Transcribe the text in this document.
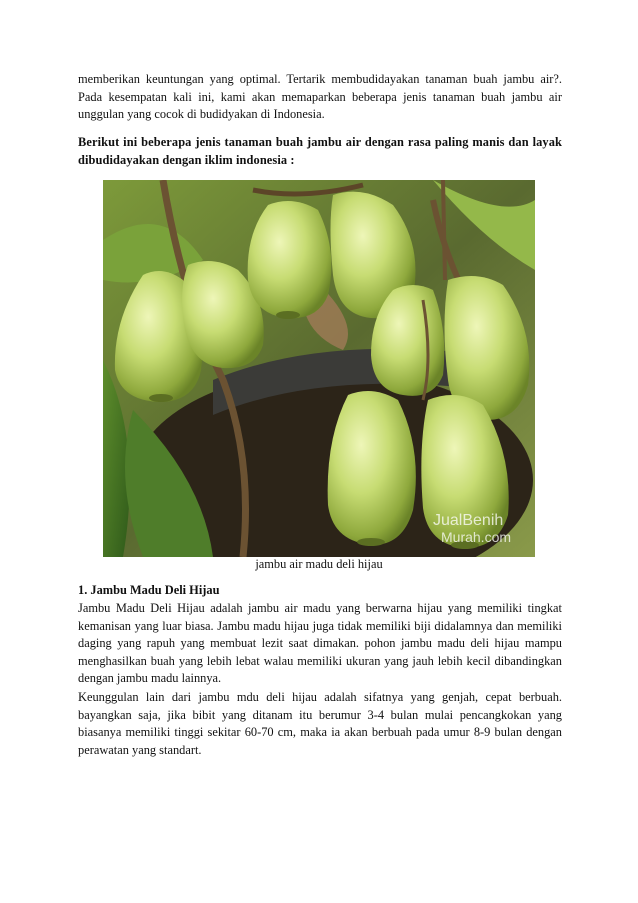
memberikan keuntungan yang optimal. Tertarik membudidayakan tanaman buah jambu air?. Pada kesempatan kali ini, kami akan memaparkan beberapa jenis tanaman buah jambu air unggulan yang cocok di budidyakan di Indonesia.

Berikut ini beberapa jenis tanaman buah jambu air dengan rasa paling manis dan layak dibudidayakan dengan iklim indonesia :

JualBenih
Murah.com
jambu air madu deli hijau
1. Jambu Madu Deli Hijau

Jambu Madu Deli Hijau adalah jambu air madu yang berwarna hijau yang memiliki tingkat kemanisan yang luar biasa. Jambu madu hijau juga tidak memiliki biji didalamnya dan memiliki daging yang rapuh yang membuat lezit saat dimakan. pohon jambu madu deli hijau mampu menghasilkan buah yang lebih lebat walau memiliki ukuran yang jauh lebih kecil dibandingkan dengan jambu madu lainnya.

Keunggulan lain dari jambu mdu deli hijau adalah sifatnya yang genjah, cepat berbuah. bayangkan saja, jika bibit yang ditanam itu berumur 3-4 bulan mulai pencangkokan yang biasanya memiliki tinggi sekitar 60-70 cm, maka ia akan berbuah pada umur 8-9 bulan dengan perawatan yang standart.
